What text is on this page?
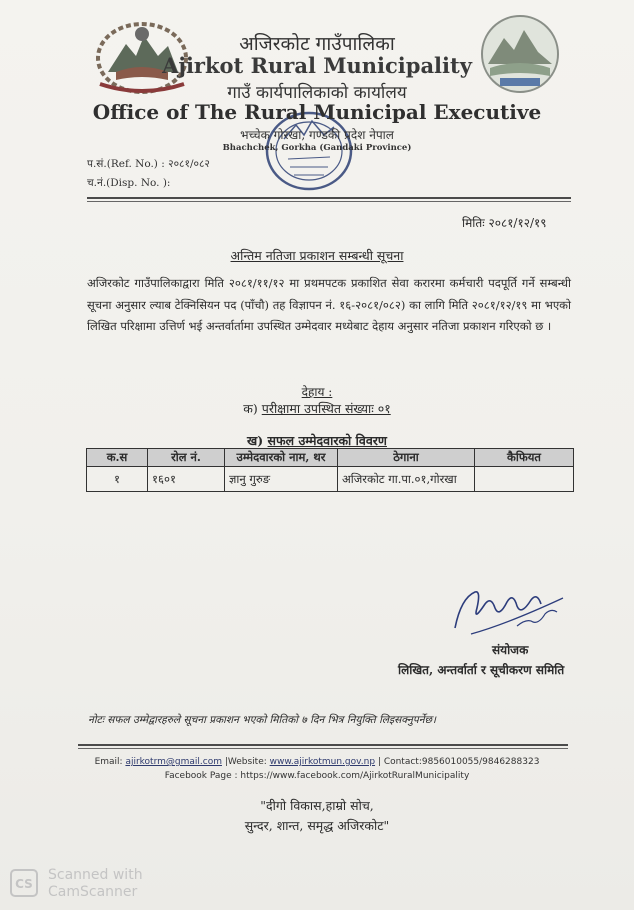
अजिरकोट गाउँपालिका
Ajirkot Rural Municipality
गाउँ कार्यपालिकाको कार्यालय
Office of The Rural Municipal Executive
भच्चेक गोरखा, गण्डकी प्रदेश नेपाल
Bhachchek, Gorkha (Gandaki Province)
प.सं.(Ref. No.) : २०८१/०८२
च.नं.(Disp. No. ):
मितिः २०८१/१२/१९
अन्तिम नतिजा प्रकाशन सम्बन्धी सूचना
अजिरकोट गाउँपालिकाद्वारा मिति २०८१/११/१२ मा प्रथमपटक प्रकाशित सेवा करारमा कर्मचारी पदपूर्ति गर्ने सम्बन्धी सूचना अनुसार ल्याब टेक्निसियन पद (पाँचौ) तह विज्ञापन नं. १६-२०८१/०८२) का लागि मिति २०८१/१२/१९ मा भएको लिखित परिक्षामा उत्तिर्ण भई अन्तर्वार्तामा उपस्थित उम्मेदवार मध्येबाट देहाय अनुसार नतिजा प्रकाशन गरिएको छ ।
देहाय :
क) परीक्षामा उपस्थित संख्याः ०१
ख) सफल उम्मेदवारको विवरण
क.स	रोल नं.	उम्मेदवारको नाम, थर	ठेगाना	कैफियत
१	१६०१	ज्ञानु गुरुङ	अजिरकोट गा.पा.०१,गोरखा	
संयोजक
लिखित, अन्तर्वार्ता र सूचीकरण समिति
नोटः सफल उम्मेद्वारहरुले सूचना प्रकाशन भएको मितिको ७ दिन भित्र नियुक्ति लिइसक्नुपर्नेछ।
Email: ajirkotrm@gmail.com |Website: www.ajirkotmun.gov.np | Contact:9856010055/9846288323
Facebook Page : https://www.facebook.com/AjirkotRuralMunicipality
"दीगो विकास,हाम्रो सोच,
सुन्दर, शान्त, समृद्ध अजिरकोट"
CS
Scanned with
CamScanner
